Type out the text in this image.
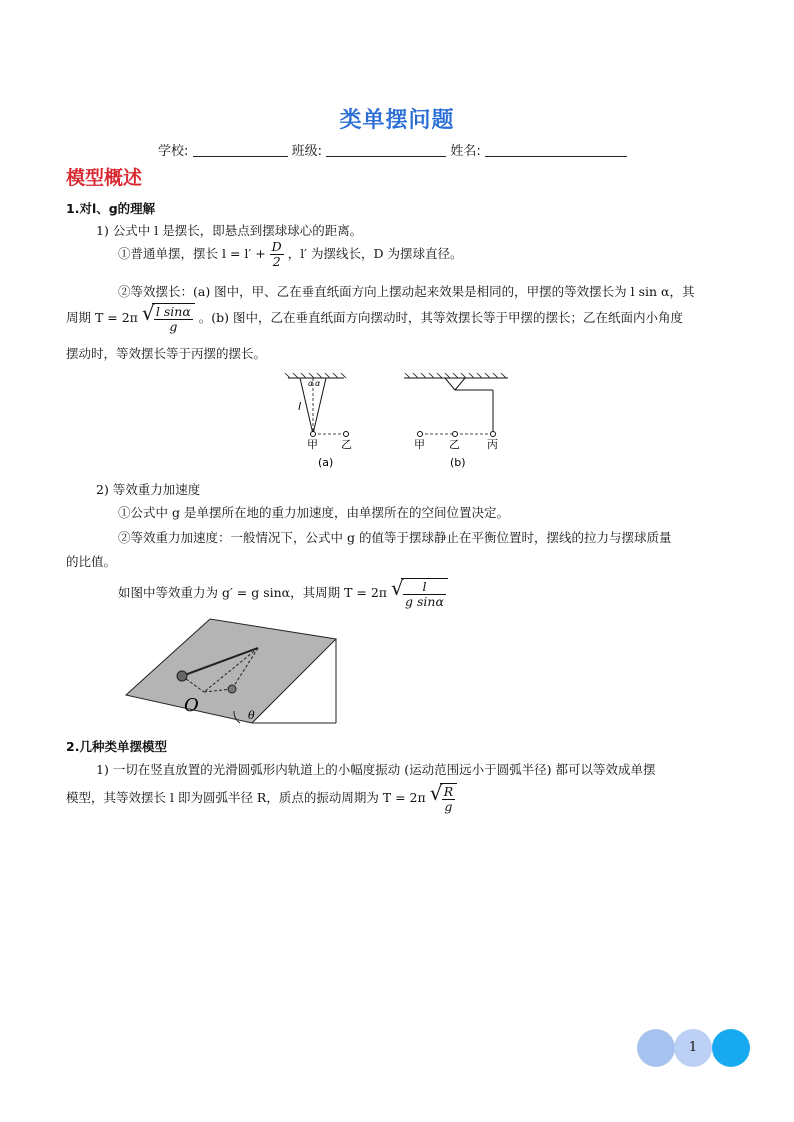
类单摆问题
学校:	班级:	姓名:
模型概述
1.对l、g的理解
1) 公式中 l 是摆长，即悬点到摆球球心的距离。
①普通单摆，摆长 $l = l' + \frac{D}{2}$ ，l′ 为摆线长，D 为摆球直径。
②等效摆长：(a) 图中，甲、乙在垂直纸面方向上摆动起来效果是相同的，甲摆的等效摆长为 l sin α，其
周期 T = 2π √ $\frac{\text{l sinα}}{g}$ 。(b) 图中，乙在垂直纸面方向摆动时，其等效摆长等于甲摆的摆长；乙在纸面内小角度
摆动时，等效摆长等于丙摆的摆长。
α α
l
甲 乙
(a)
甲 乙 丙
(b)
2) 等效重力加速度
①公式中 g 是单摆所在地的重力加速度，由单摆所在的空间位置决定。
②等效重力加速度：一般情况下，公式中 g 的值等于摆球静止在平衡位置时，摆线的拉力与摆球质量
的比值。
如图中等效重力为 g′ = g sinα，其周期 T = 2π √ $\frac{l}{\text{g sinα}}$
O	θ
2.几种类单摆模型
1) 一切在竖直放置的光滑圆弧形内轨道上的小幅度振动 (运动范围远小于圆弧半径) 都可以等效成单摆
模型，其等效摆长 l 即为圆弧半径 R，质点的振动周期为 T = 2π √ $\frac{R}{g}$
1
